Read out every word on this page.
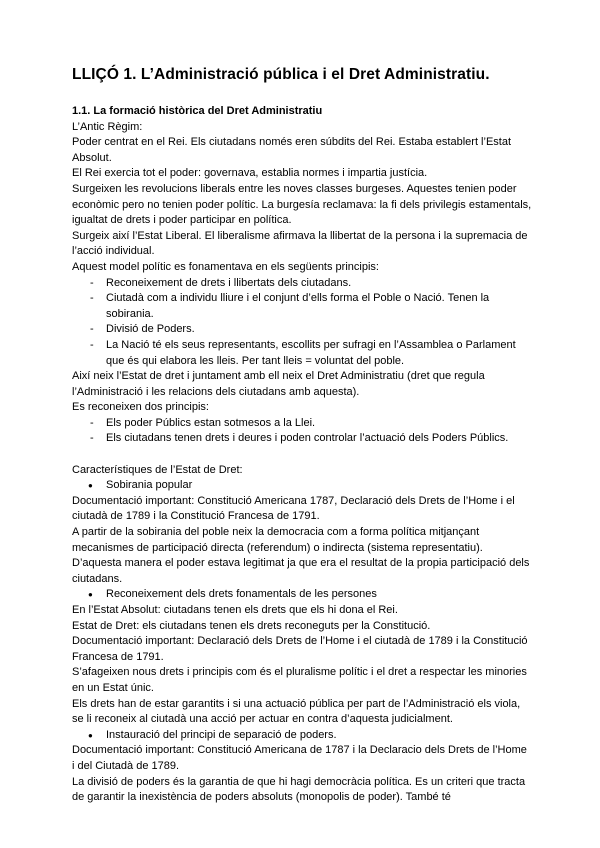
LLIÇÓ 1. L’Administració pública i el Dret Administratiu.

1.1. La formació històrica del Dret Administratiu

L’Antic Règim:

Poder centrat en el Rei. Els ciutadans només eren súbdits del Rei. Estaba establert l’Estat Absolut.

El Rei exercia tot el poder: governava, establia normes i impartia justícia.

Surgeixen les revolucions liberals entre les noves classes burgeses. Aquestes tenien poder econòmic pero no tenien poder polític. La burgesía reclamava: la fi dels privilegis estamentals, igualtat de drets i poder participar en política.

Surgeix així l’Estat Liberal. El liberalisme afirmava la llibertat de la persona i la supremacia de l’acció individual.

Aquest model polític es fonamentava en els següents principis:

- Reconeixement de drets i llibertats dels ciutadans.

- Ciutadà com a individu lliure i el conjunt d’ells forma el Poble o Nació. Tenen la sobirania.

- Divisió de Poders.

- La Nació té els seus representants, escollits per sufragi en l’Assamblea o Parlament que és qui elabora les lleis. Per tant lleis = voluntat del poble.

Així neix l’Estat de dret i juntament amb ell neix el Dret Administratiu (dret que regula l’Administració i les relacions dels ciutadans amb aquesta).

Es reconeixen dos principis:

- Els poder Públics estan sotmesos a la Llei.

- Els ciutadans tenen drets i deures i poden controlar l’actuació dels Poders Públics.

Característiques de l’Estat de Dret:

● Sobirania popular

Documentació important: Constitució Americana 1787, Declaració dels Drets de l’Home i el ciutadà de 1789 i la Constitució Francesa de 1791.

A partir de la sobirania del poble neix la democracia com a forma política mitjançant mecanismes de participació directa (referendum) o indirecta (sistema representatiu).

D’aquesta manera el poder estava legitimat ja que era el resultat de la propia participació dels ciutadans.

● Reconeixement dels drets fonamentals de les persones

En l’Estat Absolut: ciutadans tenen els drets que els hi dona el Rei.

Estat de Dret: els ciutadans tenen els drets reconeguts per la Constitució.

Documentació important: Declaració dels Drets de l’Home i el ciutadà de 1789 i la Constitució Francesa de 1791.

S’afageixen nous drets i principis com és el pluralisme polític i el dret a respectar les minories en un Estat únic.

Els drets han de estar garantits i si una actuació pública per part de l’Administració els viola, se li reconeix al ciutadà una acció per actuar en contra d’aquesta judicialment.

● Instauració del principi de separació de poders.

Documentació important: Constitució Americana de 1787 i la Declaracio dels Drets de l’Home i del Ciutadà de 1789.

La divisió de poders és la garantia de que hi hagi democràcia política. Es un criteri que tracta de garantir la inexistència de poders absoluts (monopolis de poder). També té
